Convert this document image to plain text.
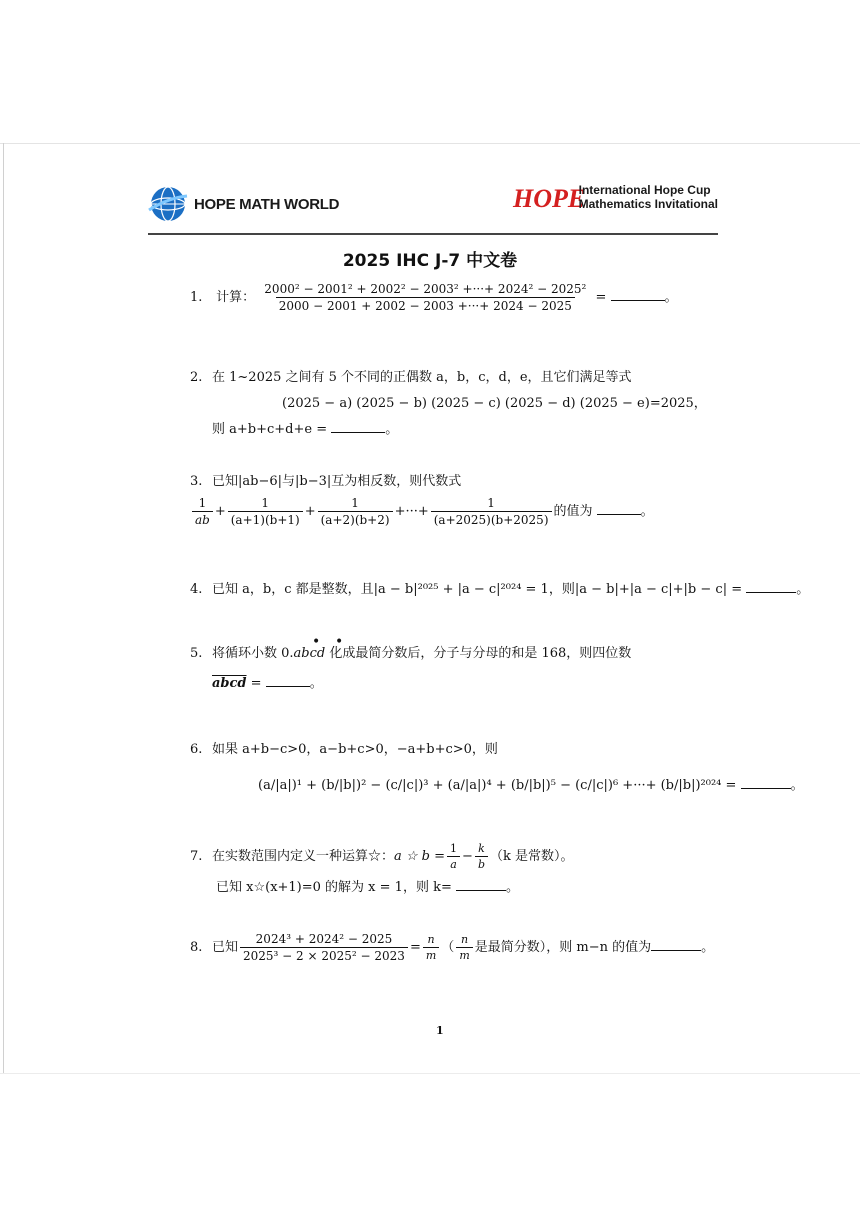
HOPE MATH WORLD	HOPE
International Hope Cup
Mathematics Invitational
2025 IHC J-7 中文卷
1. 计算： $\frac{\text{2000² − 2001² + 2002² − 2003² +···+ 2024² − 2025²}}{2000 - 2001 + 2002 - 2003 +\cdot\cdot\cdot+ 2024 - 2025}$ =	。
2. 在 1~2025 之间有 5 个不同的正偶数 a，b，c，d，e，且它们满足等式
(2025 − a) (2025 − b) (2025 − c) (2025 − d) (2025 − e)=2025，
则 a+b+c+d+e =	。
3. 已知|ab−6|与|b−3|互为相反数，则代数式
$\frac{1}{ab} + \frac{1}{(a+1)(b+1)} + \frac{1}{(a+2)(b+2)}$ +···+ $\frac{1}{(a+2025)(b+2025)}$ 的值为	。
4. 已知 a，b，c 都是整数，且|a − b|²⁰²⁵ + |a − c|²⁰²⁴ = 1，则|a − b|+|a − c|+|b − c| =	。
5. 将循环小数 0.abcd 化成最简分数后，分子与分母的和是 168，则四位数
• •
abcd =	。
6. 如果 a+b−c>0，a−b+c>0，−a+b+c>0，则
(a/|a|)¹ + (b/|b|)² − (c/|c|)³ + (a/|a|)⁴ + (b/|b|)⁵ − (c/|c|)⁶ +···+ (b/|b|)²⁰²⁴ =	。
7. 在实数范围内定义一种运算☆：a ☆ $b = \frac{1}{a} - \frac{k}{b} (k$ 是常数）。
已知 x☆(x+1)=0 的解为 x = 1，则 k=	。
8. 已知 $\frac{\text{2024³ + 2024² − 2025}}{\text{2025³ − 2 × 2025² − 2023}} = \frac{n}{m}$ （ $\frac{n}{m}$ 是最简分数），则 m−n 的值为	。
1
